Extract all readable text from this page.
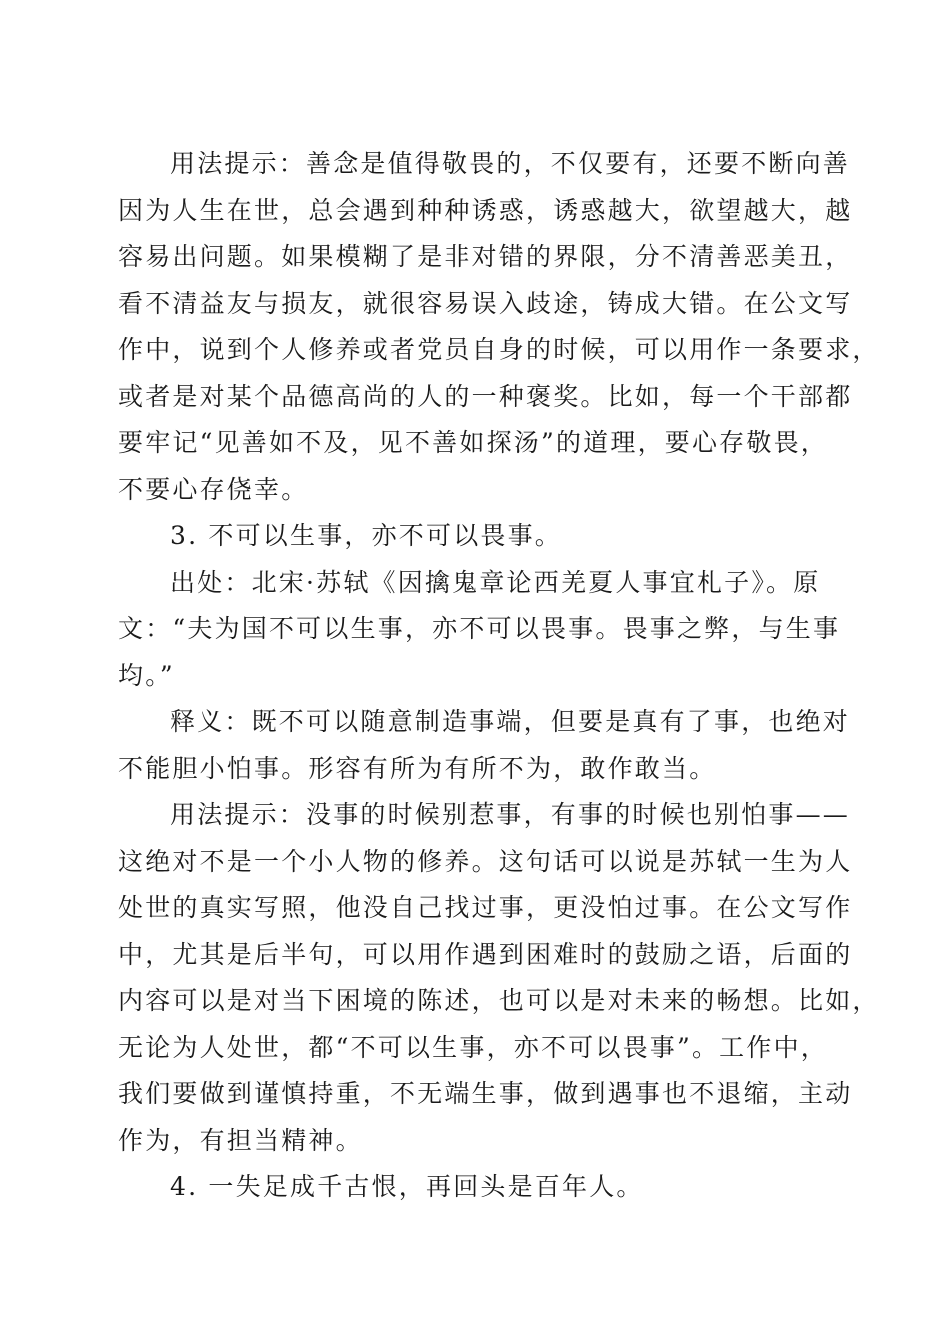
用法提示：善念是值得敬畏的，不仅要有，还要不断向善
因为人生在世，总会遇到种种诱惑，诱惑越大，欲望越大，越
容易出问题。如果模糊了是非对错的界限，分不清善恶美丑，
看不清益友与损友，就很容易误入歧途，铸成大错。在公文写
作中，说到个人修养或者党员自身的时候，可以用作一条要求，
或者是对某个品德高尚的人的一种褒奖。比如，每一个干部都
要牢记“见善如不及，见不善如探汤”的道理，要心存敬畏，
不要心存侥幸。
3. 不可以生事，亦不可以畏事。
出处：北宋·苏轼《因擒鬼章论西羌夏人事宜札子》。原
文：“夫为国不可以生事，亦不可以畏事。畏事之弊，与生事
均。”
释义：既不可以随意制造事端，但要是真有了事，也绝对
不能胆小怕事。形容有所为有所不为，敢作敢当。
用法提示：没事的时候别惹事，有事的时候也别怕事——
这绝对不是一个小人物的修养。这句话可以说是苏轼一生为人
处世的真实写照，他没自己找过事，更没怕过事。在公文写作
中，尤其是后半句，可以用作遇到困难时的鼓励之语，后面的
内容可以是对当下困境的陈述，也可以是对未来的畅想。比如，
无论为人处世，都“不可以生事，亦不可以畏事”。工作中，
我们要做到谨慎持重，不无端生事，做到遇事也不退缩，主动
作为，有担当精神。
4. 一失足成千古恨，再回头是百年人。
